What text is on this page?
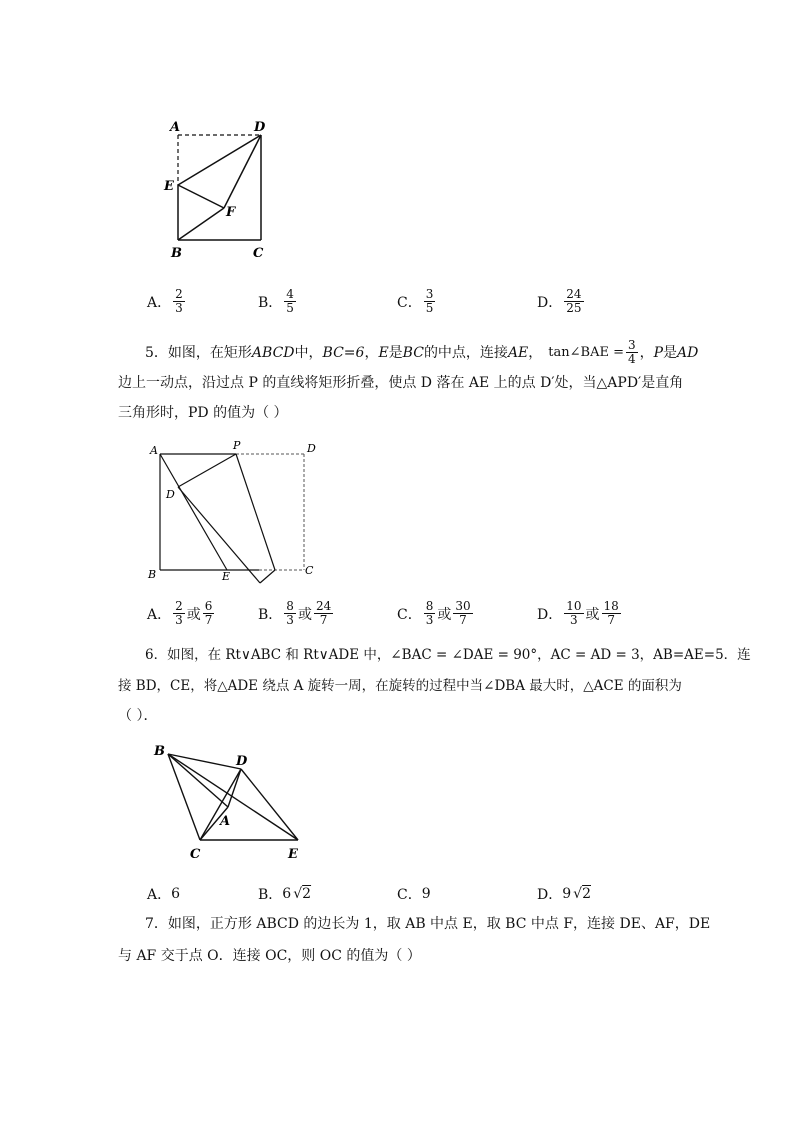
A	D
E
F
B	C
A． $\frac{2}{3}$	B． $\frac{4}{5}$	C． $\frac{3}{5}$	D． $\frac{24}{25}$
5．如图，在矩形 ABCD 中， BC=6 ， E 是 BC 的中点，连接 AE ， tan∠BAE = $\frac{3}{4}$ ， P 是 AD
边上一动点，沿过点 P 的直线将矩形折叠，使点 D 落在 AE 上的点 D′处，当△APD′是直角
三角形时，PD 的值为（ ）
A	P	D
D
B	E	C
A． $\frac{2}{3}$ 或 $\frac{6}{7}$	B． $\frac{8}{3}$ 或 $\frac{24}{7}$	C． $\frac{8}{3}$ 或 $\frac{30}{7}$	D． $\frac{10}{3}$ 或 $\frac{18}{7}$
6．如图，在 Rt∨ABC 和 Rt∨ADE 中，∠BAC = ∠DAE = 90°，AC = AD = 3，AB=AE=5．连
接 BD，CE，将△ADE 绕点 A 旋转一周，在旋转的过程中当∠DBA 最大时，△ACE 的面积为
（ ）．
B
D
A
C	E
A． 6	B． 6 √ 2	C． 9	D． 9 √ 2
7．如图，正方形 ABCD 的边长为 1，取 AB 中点 E，取 BC 中点 F，连接 DE、AF，DE
与 AF 交于点 O．连接 OC，则 OC 的值为（ ）
